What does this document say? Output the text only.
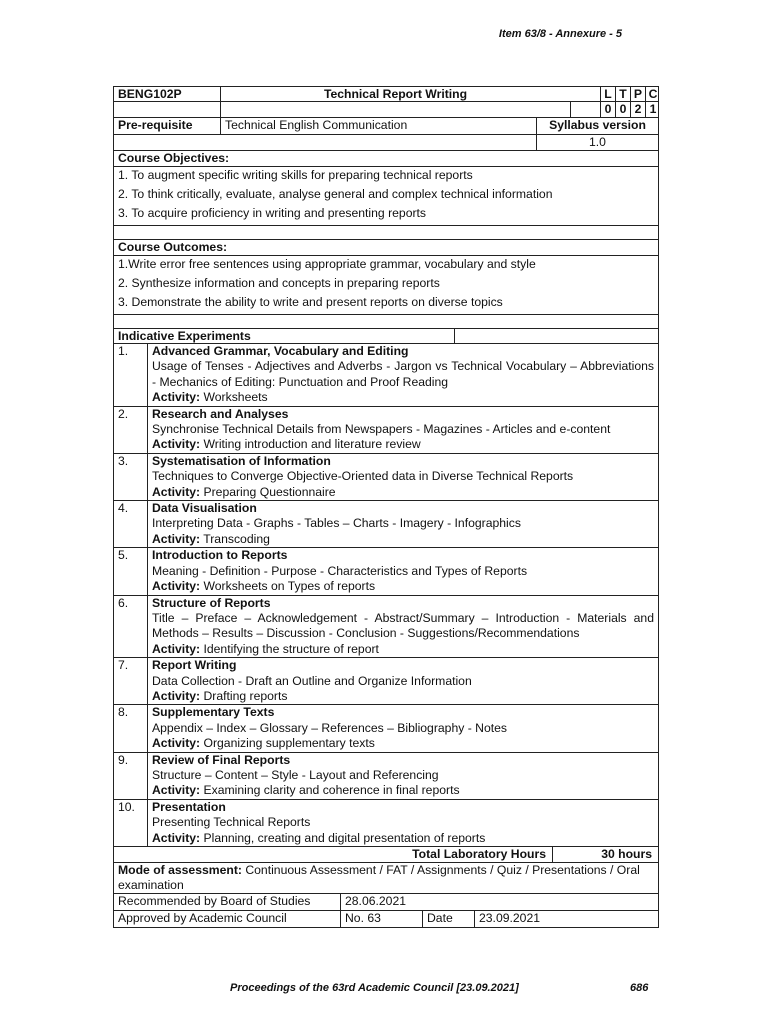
Item 63/8 - Annexure - 5
BENG102P	Technical Report Writing	L T P C
0 0 2 1
Pre-requisite	Technical English Communication	Syllabus version
1.0
Course Objectives:
1. To augment specific writing skills for preparing technical reports
2. To think critically, evaluate, analyse general and complex technical information
3. To acquire proficiency in writing and presenting reports
Course Outcomes:
1.Write error free sentences using appropriate grammar, vocabulary and style
2. Synthesize information and concepts in preparing reports
3. Demonstrate the ability to write and present reports on diverse topics
Indicative Experiments
1.	Advanced Grammar, Vocabulary and Editing
Usage of Tenses - Adjectives and Adverbs - Jargon vs Technical Vocabulary – Abbreviations - Mechanics of Editing: Punctuation and Proof Reading
Activity: Worksheets
2.	Research and Analyses
Synchronise Technical Details from Newspapers - Magazines - Articles and e-content
Activity: Writing introduction and literature review
3.	Systematisation of Information
Techniques to Converge Objective-Oriented data in Diverse Technical Reports
Activity: Preparing Questionnaire
4.	Data Visualisation
Interpreting Data - Graphs - Tables – Charts - Imagery - Infographics
Activity: Transcoding
5.	Introduction to Reports
Meaning - Definition - Purpose - Characteristics and Types of Reports
Activity: Worksheets on Types of reports
6.	Structure of Reports
Title – Preface – Acknowledgement - Abstract/Summary – Introduction - Materials and Methods – Results – Discussion - Conclusion - Suggestions/Recommendations
Activity: Identifying the structure of report
7.	Report Writing
Data Collection - Draft an Outline and Organize Information
Activity: Drafting reports
8.	Supplementary Texts
Appendix – Index – Glossary – References – Bibliography - Notes
Activity: Organizing supplementary texts
9.	Review of Final Reports
Structure – Content – Style - Layout and Referencing
Activity: Examining clarity and coherence in final reports
10.	Presentation
Presenting Technical Reports
Activity: Planning, creating and digital presentation of reports
Total Laboratory Hours	30 hours
Mode of assessment: Continuous Assessment / FAT / Assignments / Quiz / Presentations / Oral examination
Recommended by Board of Studies	28.06.2021
Approved by Academic Council	No. 63	Date	23.09.2021
Proceedings of the 63rd Academic Council [23.09.2021]	686
